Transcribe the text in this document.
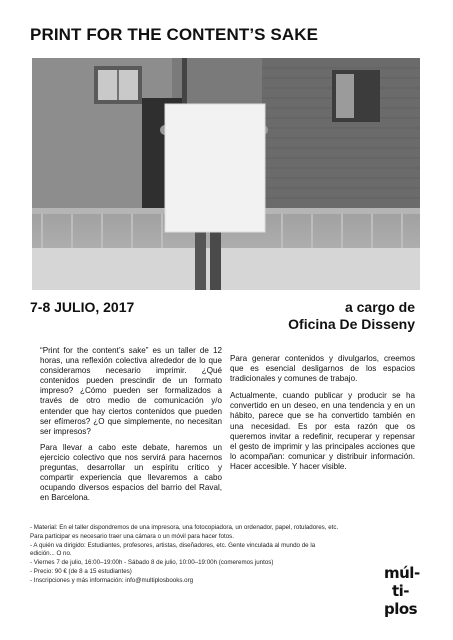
PRINT FOR THE CONTENT’S SAKE
7-8 JULIO, 2017	a cargo de
Oficina De Disseny

“Print for the content’s sake” es un taller de 12 horas, una reflexión colectiva alrededor de lo que consideramos necesario imprimir. ¿Qué contenidos pueden prescindir de un formato impreso? ¿Cómo pueden ser formalizados a través de otro medio de comunicación y/o entender que hay ciertos contenidos que pueden ser efímeros? ¿O que simplemente, no necesitan ser impresos?

Para llevar a cabo este debate, haremos un ejercicio colectivo que nos servirá para hacernos preguntas, desarrollar un espíritu crítico y compartir experiencia que llevaremos a cabo ocupando diversos espacios del barrio del Raval, en Barcelona.

Para generar contenidos y divulgarlos, creemos que es esencial desligarnos de los espacios tradicionales y comunes de trabajo.

Actualmente, cuando publicar y producir se ha convertido en un deseo, en una tendencia y en un hábito, parece que se ha convertido también en una necesidad. Es por esta razón que os queremos invitar a redefinir, recuperar y repensar el gesto de imprimir y las principales acciones que lo acompañan: comunicar y distribuir información. Hacer accesible. Y hacer visible.

- Material: En el taller dispondremos de una impresora, una fotocopiadora, un ordenador, papel, rotuladores, etc. Para participar es necesario traer una cámara o un móvil para hacer fotos.
- A quién va dirigido: Estudiantes, profesores, artistas, diseñadores, etc. Gente vinculada al mundo de la edición... O no.
- Viernes 7 de julio, 16:00–19:00h - Sábado 8 de julio, 10:00–19:00h (comeremos juntos)
- Precio: 90 € (de 8 a 15 estudiantes)
- Inscripciones y más información: info@multiplosbooks.org	múl-
ti-
plos
